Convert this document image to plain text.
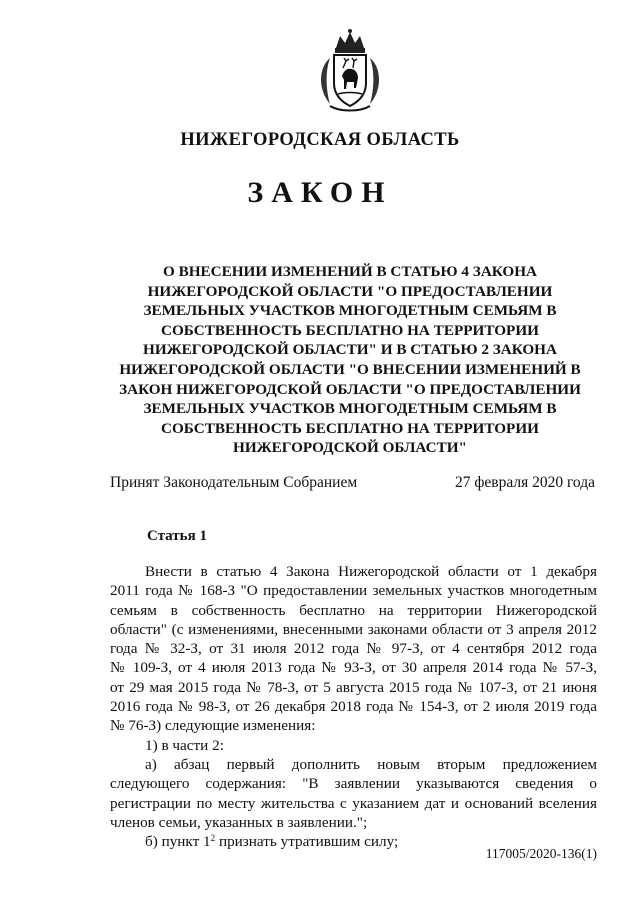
НИЖЕГОРОДСКАЯ ОБЛАСТЬ
ЗАКОН
О ВНЕСЕНИИ ИЗМЕНЕНИЙ В СТАТЬЮ 4 ЗАКОНА
НИЖЕГОРОДСКОЙ ОБЛАСТИ "О ПРЕДОСТАВЛЕНИИ
ЗЕМЕЛЬНЫХ УЧАСТКОВ МНОГОДЕТНЫМ СЕМЬЯМ В
СОБСТВЕННОСТЬ БЕСПЛАТНО НА ТЕРРИТОРИИ
НИЖЕГОРОДСКОЙ ОБЛАСТИ" И В СТАТЬЮ 2 ЗАКОНА
НИЖЕГОРОДСКОЙ ОБЛАСТИ "О ВНЕСЕНИИ ИЗМЕНЕНИЙ В
ЗАКОН НИЖЕГОРОДСКОЙ ОБЛАСТИ "О ПРЕДОСТАВЛЕНИИ
ЗЕМЕЛЬНЫХ УЧАСТКОВ МНОГОДЕТНЫМ СЕМЬЯМ В
СОБСТВЕННОСТЬ БЕСПЛАТНО НА ТЕРРИТОРИИ
НИЖЕГОРОДСКОЙ ОБЛАСТИ"
Принят Законодательным Собранием	27 февраля 2020 года
Статья 1
Внести в статью 4 Закона Нижегородской области от 1 декабря
2011 года № 168-З "О предоставлении земельных участков многодетным
семьям в собственность бесплатно на территории Нижегородской
области" (с изменениями, внесенными законами области от 3 апреля 2012
года № 32-З, от 31 июля 2012 года № 97-З, от 4 сентября 2012 года
№ 109-З, от 4 июля 2013 года № 93-З, от 30 апреля 2014 года № 57-З,
от 29 мая 2015 года № 78-З, от 5 августа 2015 года № 107-З, от 21 июня
2016 года № 98-З, от 26 декабря 2018 года № 154-З, от 2 июля 2019 года
№ 76-З) следующие изменения:
1) в части 2:
а) абзац первый дополнить новым вторым предложением
следующего содержания: "В заявлении указываются сведения о
регистрации по месту жительства с указанием дат и оснований вселения
членов семьи, указанных в заявлении.";
б) пункт $1^2$ признать утратившим силу;
117005/2020-136(1)
